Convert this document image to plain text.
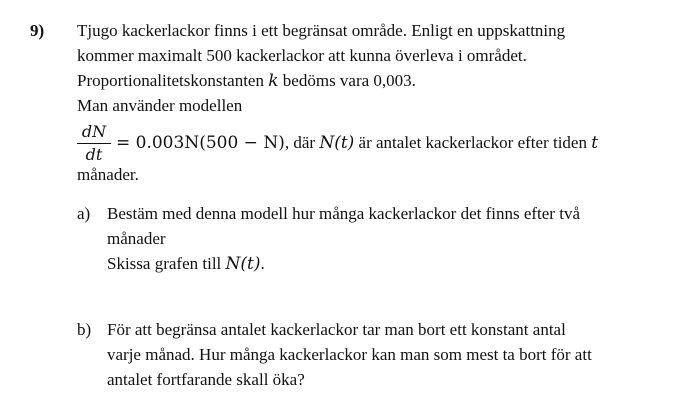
9) Tjugo kackerlackor finns i ett begränsat område. Enligt en uppskattning
kommer maximalt 500 kackerlackor att kunna överleva i området.
Proportionalitetskonstanten k bedöms vara 0,003.
Man använder modellen
dN
dt
= 0.003N(500 − N), där N(t) är antalet kackerlackor efter tiden t
månader.
a) Bestäm med denna modell hur många kackerlackor det finns efter två
månader
Skissa grafen till N(t).
b) För att begränsa antalet kackerlackor tar man bort ett konstant antal
varje månad. Hur många kackerlackor kan man som mest ta bort för att
antalet fortfarande skall öka?
